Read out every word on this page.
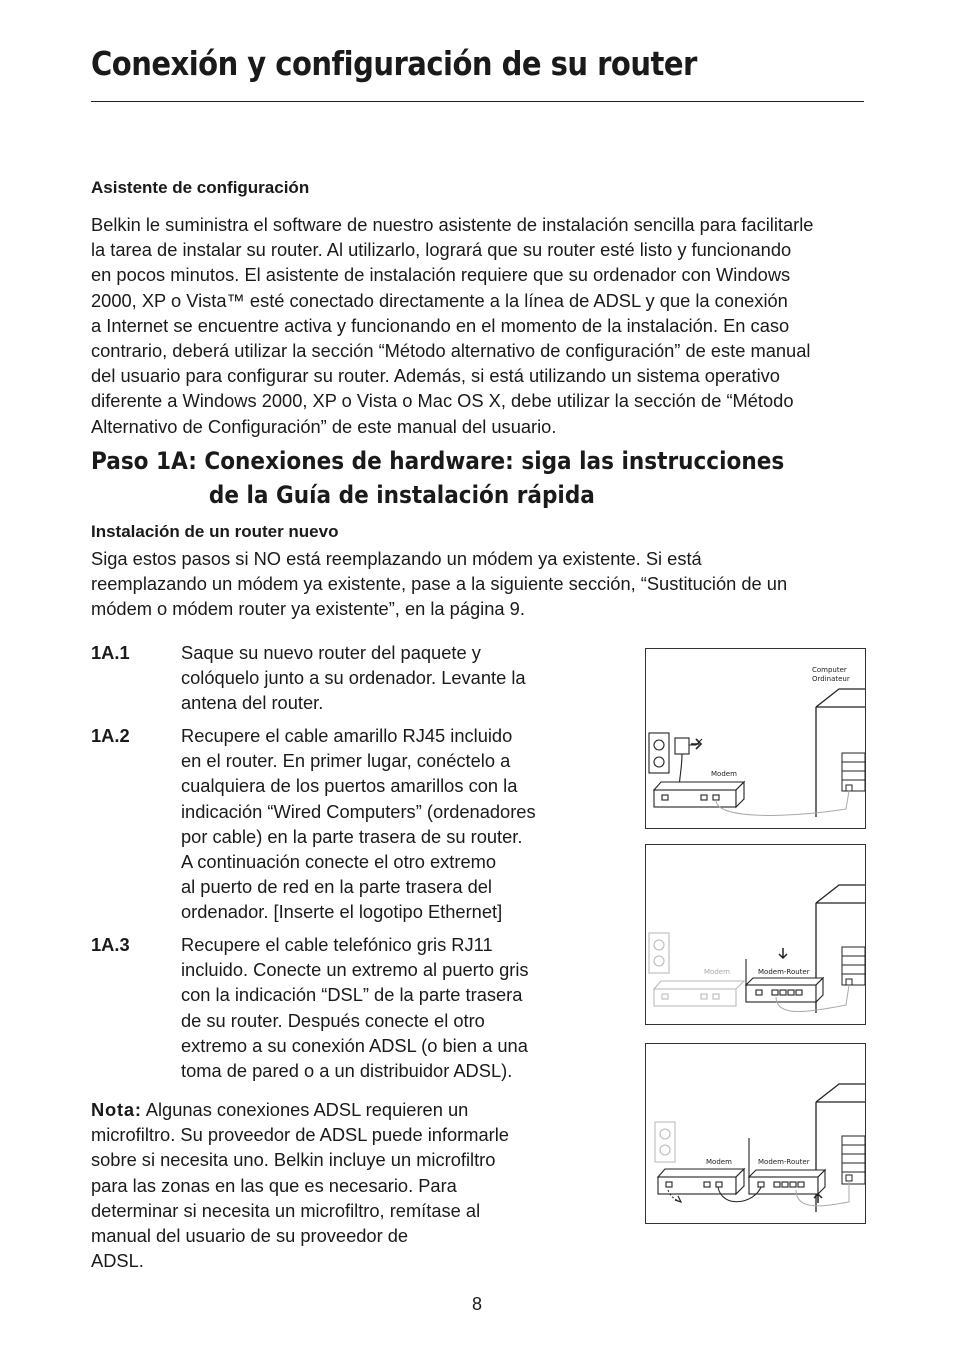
Conexión y configuración de su router
Asistente de configuración
Belkin le suministra el software de nuestro asistente de instalación sencilla para facilitarle
la tarea de instalar su router. Al utilizarlo, logrará que su router esté listo y funcionando
en pocos minutos. El asistente de instalación requiere que su ordenador con Windows
2000, XP o Vista™ esté conectado directamente a la línea de ADSL y que la conexión
a Internet se encuentre activa y funcionando en el momento de la instalación. En caso
contrario, deberá utilizar la sección “Método alternativo de configuración” de este manual
del usuario para configurar su router. Además, si está utilizando un sistema operativo
diferente a Windows 2000, XP o Vista o Mac OS X, debe utilizar la sección de “Método
Alternativo de Configuración” de este manual del usuario.
Paso 1A: Conexiones de hardware: siga las instrucciones
de la Guía de instalación rápida
Instalación de un router nuevo
Siga estos pasos si NO está reemplazando un módem ya existente. Si está
reemplazando un módem ya existente, pase a la siguiente sección, “Sustitución de un
módem o módem router ya existente”, en la página 9.
1A.1	Saque su nuevo router del paquete y
colóquelo junto a su ordenador. Levante la
antena del router.
1A.2	Recupere el cable amarillo RJ45 incluido
en el router. En primer lugar, conéctelo a
cualquiera de los puertos amarillos con la
indicación “Wired Computers” (ordenadores
por cable) en la parte trasera de su router.
A continuación conecte el otro extremo
al puerto de red en la parte trasera del
ordenador. [Inserte el logotipo Ethernet]
1A.3	Recupere el cable telefónico gris RJ11
incluido. Conecte un extremo al puerto gris
con la indicación “DSL” de la parte trasera
de su router. Después conecte el otro
extremo a su conexión ADSL (o bien a una
toma de pared o a un distribuidor ADSL).
Nota: Algunas conexiones ADSL requieren un
microfiltro. Su proveedor de ADSL puede informarle
sobre si necesita uno. Belkin incluye un microfiltro
para las zonas en las que es necesario. Para
determinar si necesita un microfiltro, remítase al
manual del usuario de su proveedor de
ADSL.
Computer
Ordinateur
Modem
Modem	Modem-Router
Modem	Modem-Router
8
